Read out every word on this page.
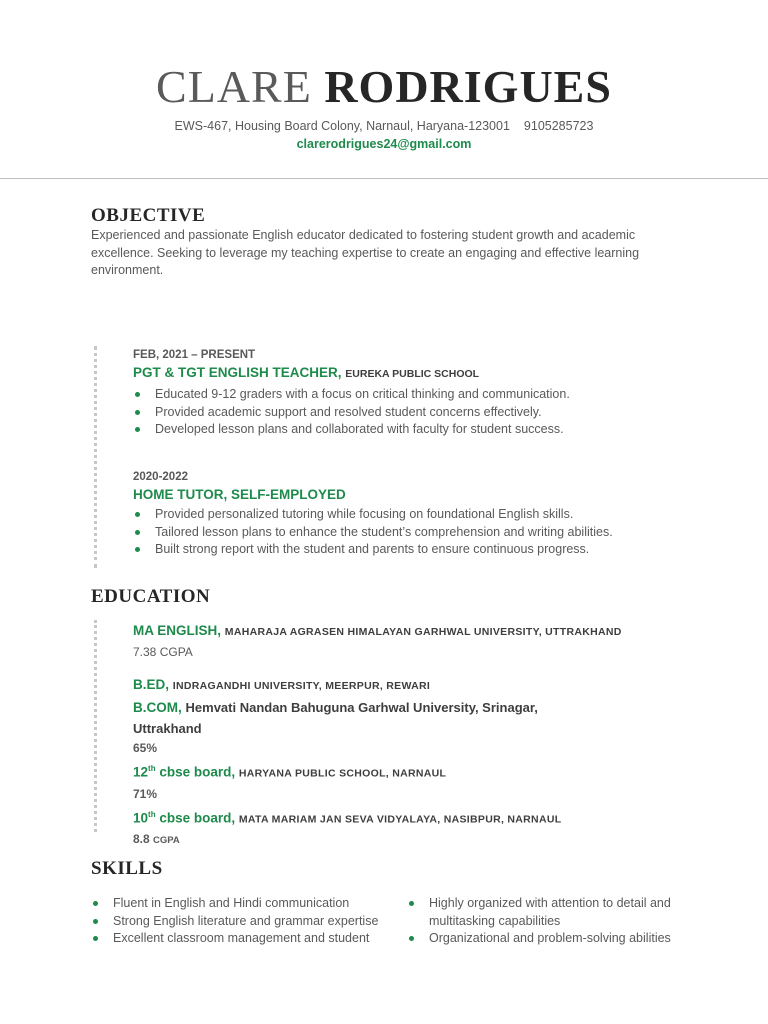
CLARE RODRIGUES
EWS-467, Housing Board Colony, Narnaul, Haryana-123001 9105285723
clarerodrigues24@gmail.com
OBJECTIVE
Experienced and passionate English educator dedicated to fostering student growth and academic excellence. Seeking to leverage my teaching expertise to create an engaging and effective learning environment.
FEB, 2021 – PRESENT
PGT & TGT ENGLISH TEACHER, EUREKA PUBLIC SCHOOL
Educated 9-12 graders with a focus on critical thinking and communication.
Provided academic support and resolved student concerns effectively.
Developed lesson plans and collaborated with faculty for student success.
2020-2022
HOME TUTOR, SELF-EMPLOYED
Provided personalized tutoring while focusing on foundational English skills.
Tailored lesson plans to enhance the student’s comprehension and writing abilities.
Built strong report with the student and parents to ensure continuous progress.
EDUCATION
MA ENGLISH, MAHARAJA AGRASEN HIMALAYAN GARHWAL UNIVERSITY, UTTRAKHAND
7.38 CGPA
B.ED, INDRAGANDHI UNIVERSITY, MEERPUR, REWARI
B.COM, Hemvati Nandan Bahuguna Garhwal University, Srinagar,
Uttrakhand
65%
12th cbse board, HARYANA PUBLIC SCHOOL, NARNAUL
71%
10th cbse board, MATA MARIAM JAN SEVA VIDYALAYA, NASIBPUR, NARNAUL
8.8 CGPA
SKILLS
Fluent in English and Hindi communication
Strong English literature and grammar expertise
Excellent classroom management and student
Highly organized with attention to detail and multitasking capabilities
Organizational and problem-solving abilities
